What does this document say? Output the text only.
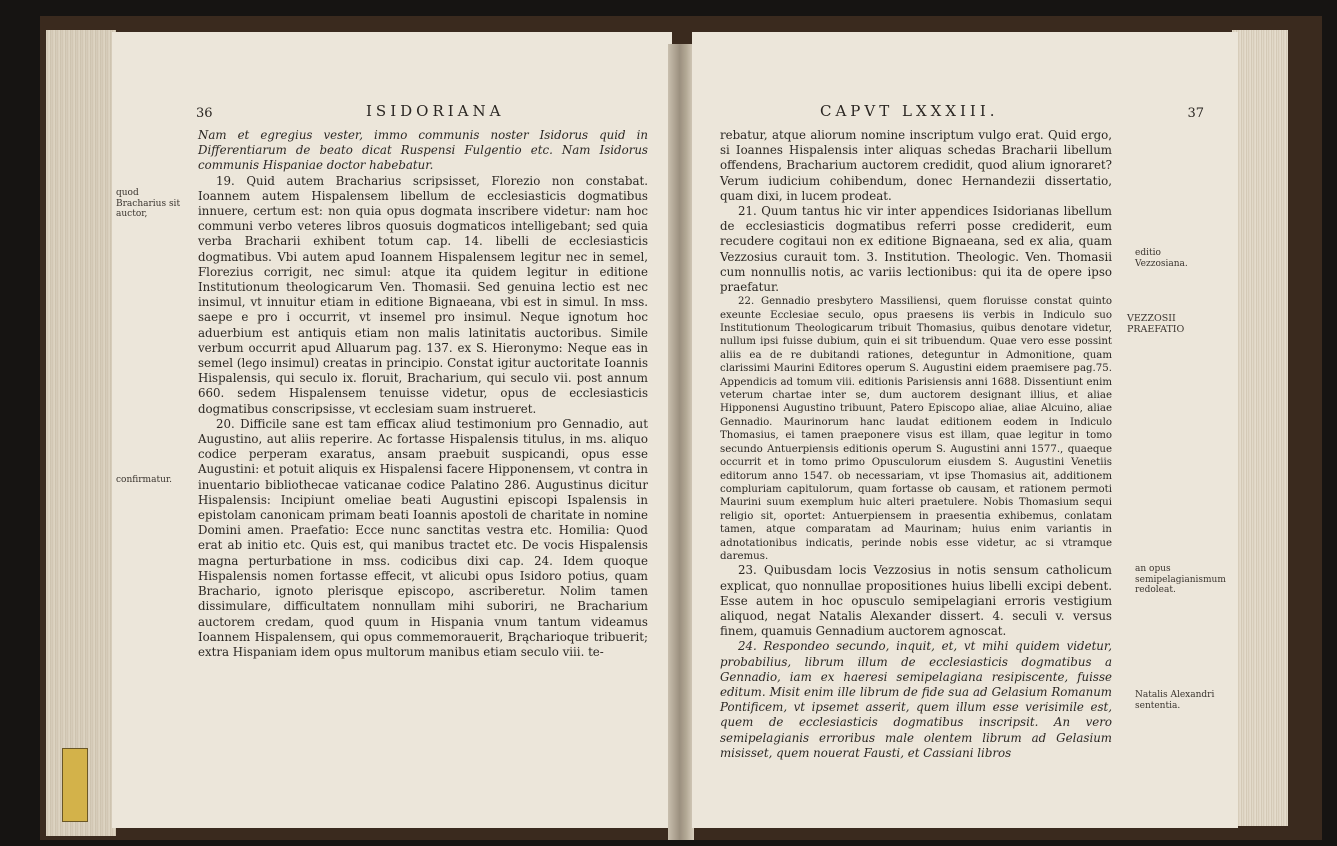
36	ISIDORIANA
quod Bracharius sit auctor,
confirmatur.

Nam et egregius vester, immo communis noster Isidorus quid in Differentiarum de beato dicat Ruspensi Fulgentio etc. Nam Isidorus communis Hispaniae doctor habebatur.

19. Quid autem Bracharius scripsisset, Florezio non constabat. Ioannem autem Hispalensem libellum de ecclesiasticis dogmatibus innuere, certum est: non quia opus dogmata inscribere videtur: nam hoc communi verbo veteres libros quosuis dogmaticos intelligebant; sed quia verba Bracharii exhibent totum cap. 14. libelli de ecclesiasticis dogmatibus. Vbi autem apud Ioannem Hispalensem legitur nec in semel, Florezius corrigit, nec simul: atque ita quidem legitur in editione Institutionum theologicarum Ven. Thomasii. Sed genuina lectio est nec insimul, vt innuitur etiam in editione Bignaeana, vbi est in simul. In mss. saepe e pro i occurrit, vt insemel pro insimul. Neque ignotum hoc aduerbium est antiquis etiam non malis latinitatis auctoribus. Simile verbum occurrit apud Alluarum pag. 137. ex S. Hieronymo: Neque eas in semel (lego insimul) creatas in principio. Constat igitur auctoritate Ioannis Hispalensis, qui seculo ix. floruit, Bracharium, qui seculo vii. post annum 660. sedem Hispalensem tenuisse videtur, opus de ecclesiasticis dogmatibus conscripsisse, vt ecclesiam suam instrueret.

20. Difficile sane est tam efficax aliud testimonium pro Gennadio, aut Augustino, aut aliis reperire. Ac fortasse Hispalensis titulus, in ms. aliquo codice perperam exaratus, ansam praebuit suspicandi, opus esse Augustini: et potuit aliquis ex Hispalensi facere Hipponensem, vt contra in inuentario bibliothecae vaticanae codice Palatino 286. Augustinus dicitur Hispalensis: Incipiunt omeliae beati Augustini episcopi Ispalensis in epistolam canonicam primam beati Ioannis apostoli de charitate in nomine Domini amen. Praefatio: Ecce nunc sanctitas vestra etc. Homilia: Quod erat ab initio etc. Quis est, qui manibus tractet etc. De vocis Hispalensis magna perturbatione in mss. codicibus dixi cap. 24. Idem quoque Hispalensis nomen fortasse effecit, vt alicubi opus Isidoro potius, quam Brachario, ignoto plerisque episcopo, ascriberetur. Nolim tamen dissimulare, difficultatem nonnullam mihi suboriri, ne Bracharium auctorem credam, quod quum in Hispania vnum tantum videamus Ioannem Hispalensem, qui opus commemorauerit, Brącharioque tribuerit; extra Hispaniam idem opus multorum manibus etiam seculo viii. te-

CAPVT LXXXIII.	37
editio Vezzosiana.
VEZZOSII PRAEFATIO
an opus semipelagianismum redoleat.
Natalis Alexandri sententia.

rebatur, atque aliorum nomine inscriptum vulgo erat. Quid ergo, si Ioannes Hispalensis inter aliquas schedas Bracharii libellum offendens, Bracharium auctorem credidit, quod alium ignoraret? Verum iudicium cohibendum, donec Hernandezii dissertatio, quam dixi, in lucem prodeat.

21. Quum tantus hic vir inter appendices Isidorianas libellum de ecclesiasticis dogmatibus referri posse crediderit, eum recudere cogitaui non ex editione Bignaeana, sed ex alia, quam Vezzosius curauit tom. 3. Institution. Theologic. Ven. Thomasii cum nonnullis notis, ac variis lectionibus: qui ita de opere ipso praefatur.

22. Gennadio presbytero Massiliensi, quem floruisse constat quinto exeunte Ecclesiae seculo, opus praesens iis verbis in Indiculo suo Institutionum Theologicarum tribuit Thomasius, quibus denotare videtur, nullum ipsi fuisse dubium, quin ei sit tribuendum. Quae vero esse possint aliis ea de re dubitandi rationes, deteguntur in Admonitione, quam clarissimi Maurini Editores operum S. Augustini eidem praemisere pag.75. Appendicis ad tomum viii. editionis Parisiensis anni 1688. Dissentiunt enim veterum chartae inter se, dum auctorem designant illius, et aliae Hipponensi Augustino tribuunt, Patero Episcopo aliae, aliae Alcuino, aliae Gennadio. Maurinorum hanc laudat editionem eodem in Indiculo Thomasius, ei tamen praeponere visus est illam, quae legitur in tomo secundo Antuerpiensis editionis operum S. Augustini anni 1577., quaeque occurrit et in tomo primo Opusculorum eiusdem S. Augustini Venetiis editorum anno 1547. ob necessariam, vt ipse Thomasius ait, additionem compluriam capitulorum, quam fortasse ob causam, et rationem permoti Maurini suum exemplum huic alteri praetulere. Nobis Thomasium sequi religio sit, oportet: Antuerpiensem in praesentia exhibemus, conlatam tamen, atque comparatam ad Maurinam; huius enim variantis in adnotationibus indicatis, perinde nobis esse videtur, ac si vtramque daremus.

23. Quibusdam locis Vezzosius in notis sensum catholicum explicat, quo nonnullae propositiones huius libelli excipi debent. Esse autem in hoc opusculo semipelagiani erroris vestigium aliquod, negat Natalis Alexander dissert. 4. seculi v. versus finem, quamuis Gennadium auctorem agnoscat.

24. Respondeo secundo, inquit, et, vt mihi quidem videtur, probabilius, librum illum de ecclesiasticis dogmatibus a Gennadio, iam ex haeresi semipelagiana resipiscente, fuisse editum. Misit enim ille librum de fide sua ad Gelasium Romanum Pontificem, vt ipsemet asserit, quem illum esse verisimile est, quem de ecclesiasticis dogmatibus inscripsit. An vero semipelagianis erroribus male olentem librum ad Gelasium misisset, quem nouerat Fausti, et Cassiani libros
